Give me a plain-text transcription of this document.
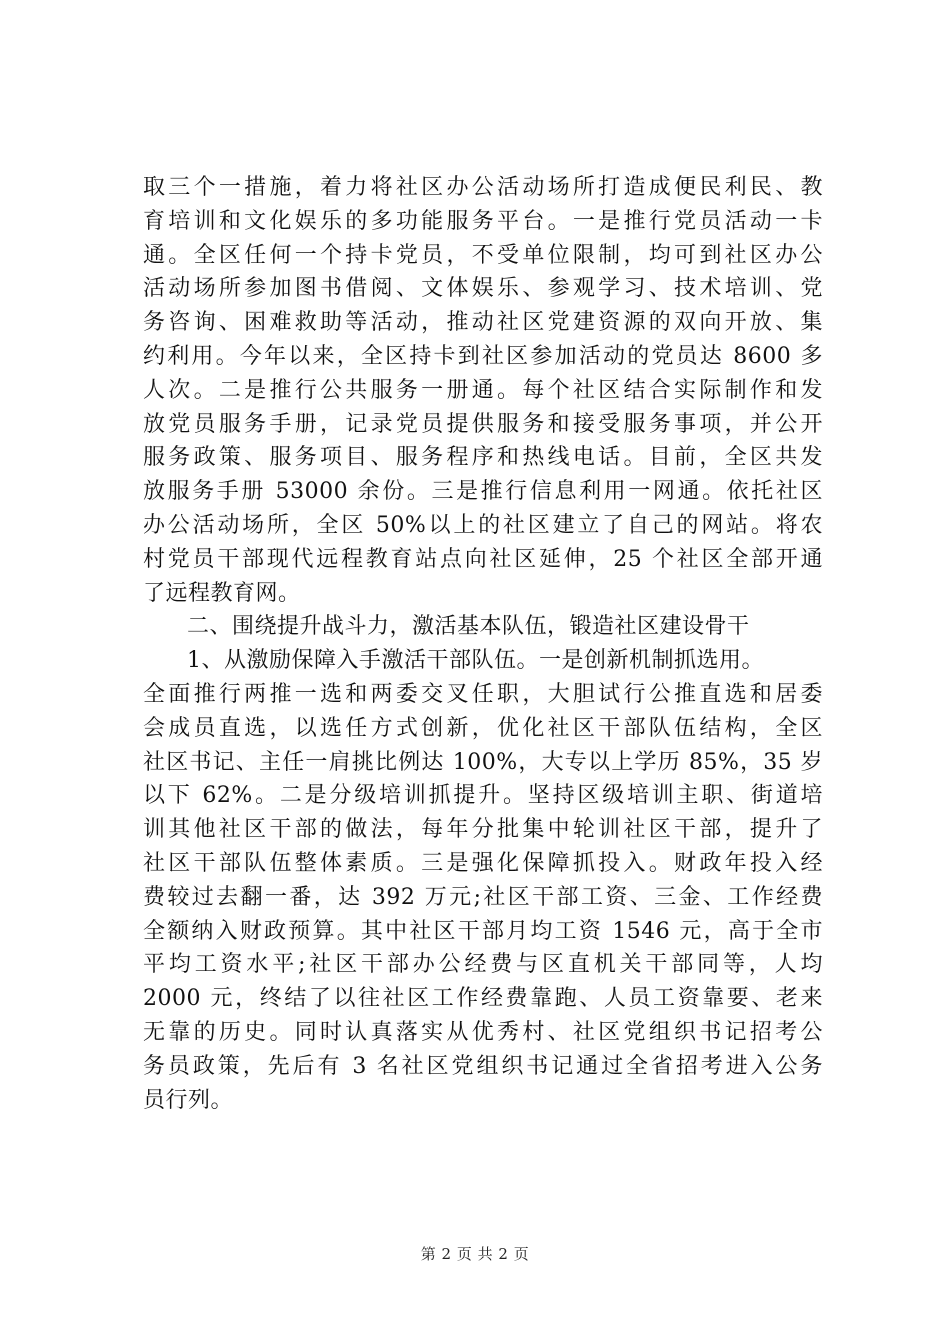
取三个一措施，着力将社区办公活动场所打造成便民利民、教
育培训和文化娱乐的多功能服务平台。一是推行党员活动一卡
通。全区任何一个持卡党员，不受单位限制，均可到社区办公
活动场所参加图书借阅、文体娱乐、参观学习、技术培训、党
务咨询、困难救助等活动，推动社区党建资源的双向开放、集
约利用。今年以来，全区持卡到社区参加活动的党员达 8600 多
人次。二是推行公共服务一册通。每个社区结合实际制作和发
放党员服务手册，记录党员提供服务和接受服务事项，并公开
服务政策、服务项目、服务程序和热线电话。目前，全区共发
放服务手册 53000 余份。三是推行信息利用一网通。依托社区
办公活动场所，全区 50%以上的社区建立了自己的网站。将农
村党员干部现代远程教育站点向社区延伸，25 个社区全部开通
了远程教育网。
二、围绕提升战斗力，激活基本队伍，锻造社区建设骨干
1、从激励保障入手激活干部队伍。一是创新机制抓选用。
全面推行两推一选和两委交叉任职，大胆试行公推直选和居委
会成员直选，以选任方式创新，优化社区干部队伍结构，全区
社区书记、主任一肩挑比例达 100%，大专以上学历 85%，35 岁
以下 62%。二是分级培训抓提升。坚持区级培训主职、街道培
训其他社区干部的做法，每年分批集中轮训社区干部，提升了
社区干部队伍整体素质。三是强化保障抓投入。财政年投入经
费较过去翻一番，达 392 万元;社区干部工资、三金、工作经费
全额纳入财政预算。其中社区干部月均工资 1546 元，高于全市
平均工资水平;社区干部办公经费与区直机关干部同等，人均
2000 元，终结了以往社区工作经费靠跑、人员工资靠要、老来
无靠的历史。同时认真落实从优秀村、社区党组织书记招考公
务员政策，先后有 3 名社区党组织书记通过全省招考进入公务
员行列。
第 2 页 共 2 页
